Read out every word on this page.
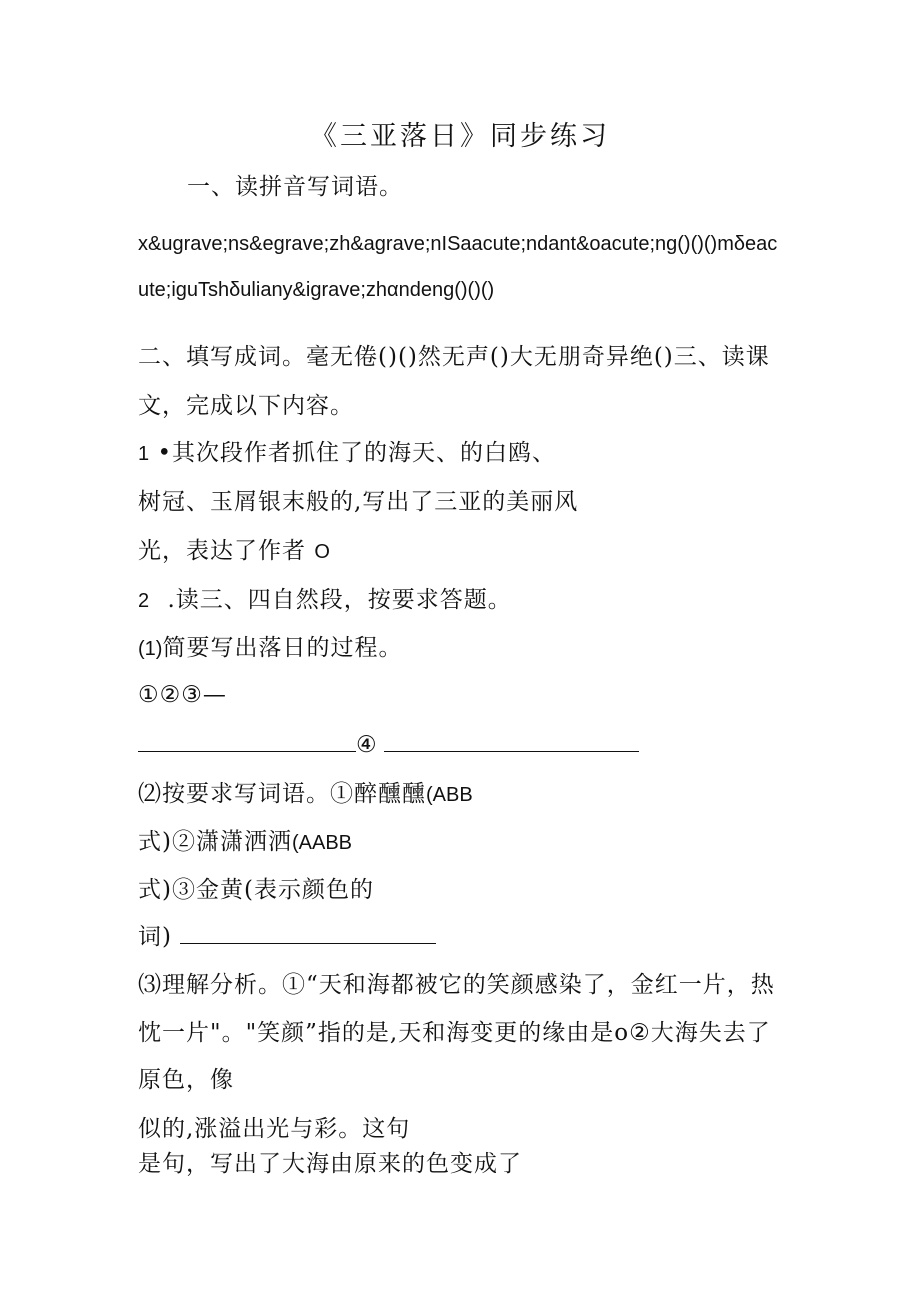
《三亚落日》同步练习
一、读拼音写词语。
x&ugrave;ns&egrave;zh&agrave;nISaacute;ndant&oacute;ng()()()mδeac
ute;iguTshδulіany&igrave;zhαndeng()()()
二、填写成词。毫无倦()()然无声()大无朋奇异绝()三、读课
文，完成以下内容。
1 •其次段作者抓住了的海天、的白鸥、
树冠、玉屑银末般的,写出了三亚的美丽风
光，表达了作者 O
2 .读三、四自然段，按要求答题。
(1)简要写出落日的过程。
①②③—
④
⑵按要求写词语。①醉醺醺(ABB
式)②潇潇洒洒(AABB
式)③金黄(表示颜色的
词)
⑶理解分析。①“天和海都被它的笑颜感染了，金红一片，热
忱一片"。"笑颜”指的是,天和海变更的缘由是o②大海失去了
原色，像
似的,涨溢出光与彩。这句
是句，写出了大海由原来的色变成了
